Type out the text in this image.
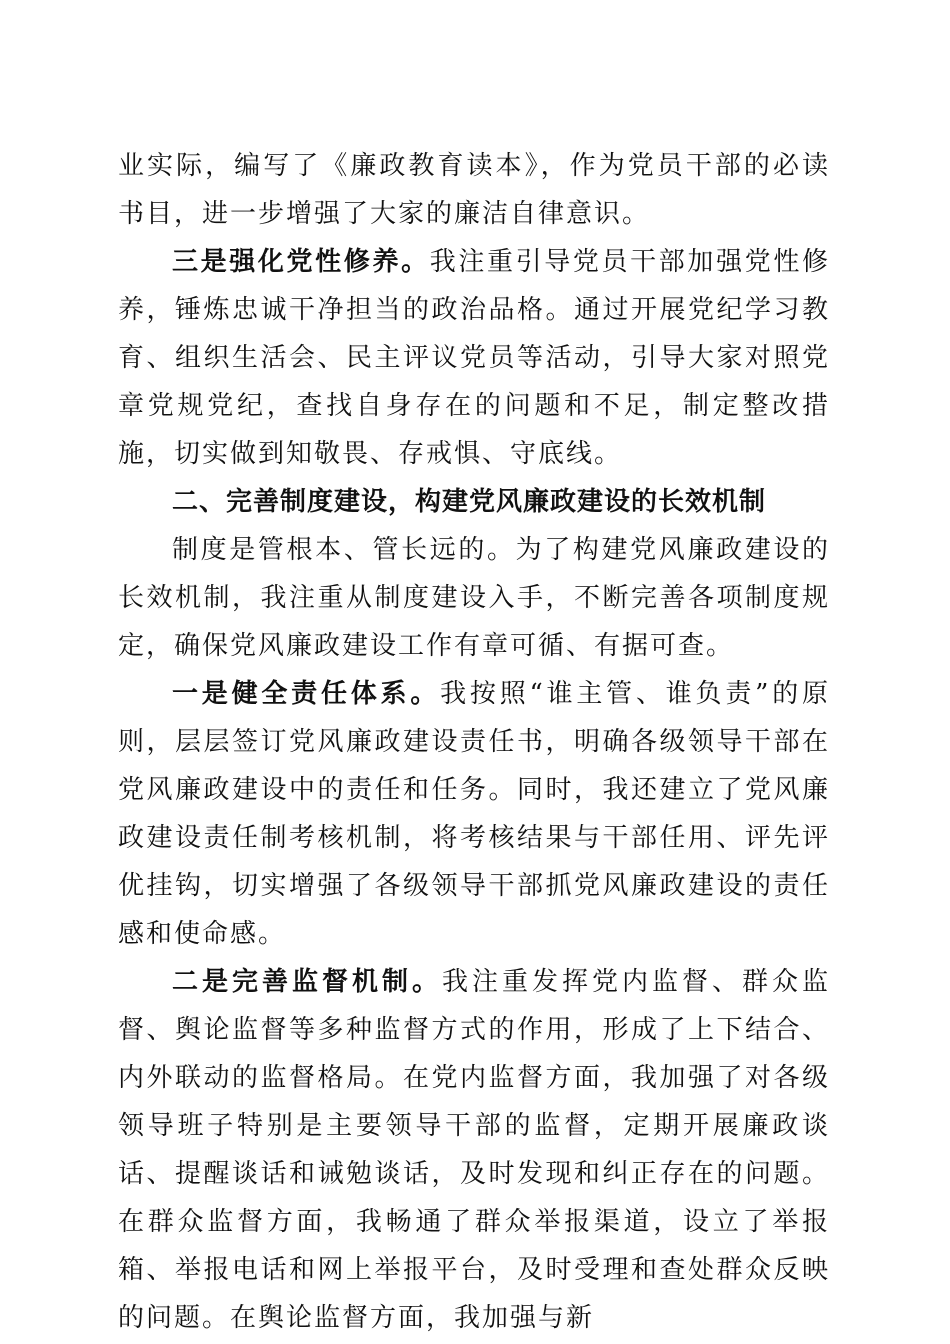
业实际，编写了《廉政教育读本》，作为党员干部的必读书目，进一步增强了大家的廉洁自律意识。

三是强化党性修养。我注重引导党员干部加强党性修养，锤炼忠诚干净担当的政治品格。通过开展党纪学习教育、组织生活会、民主评议党员等活动，引导大家对照党章党规党纪，查找自身存在的问题和不足，制定整改措施，切实做到知敬畏、存戒惧、守底线。

二、完善制度建设，构建党风廉政建设的长效机制

制度是管根本、管长远的。为了构建党风廉政建设的长效机制，我注重从制度建设入手，不断完善各项制度规定，确保党风廉政建设工作有章可循、有据可查。

一是健全责任体系。我按照“谁主管、谁负责”的原则，层层签订党风廉政建设责任书，明确各级领导干部在党风廉政建设中的责任和任务。同时，我还建立了党风廉政建设责任制考核机制，将考核结果与干部任用、评先评优挂钩，切实增强了各级领导干部抓党风廉政建设的责任感和使命感。

二是完善监督机制。我注重发挥党内监督、群众监督、舆论监督等多种监督方式的作用，形成了上下结合、内外联动的监督格局。在党内监督方面，我加强了对各级领导班子特别是主要领导干部的监督，定期开展廉政谈话、提醒谈话和诫勉谈话，及时发现和纠正存在的问题。在群众监督方面，我畅通了群众举报渠道，设立了举报箱、举报电话和网上举报平台，及时受理和查处群众反映的问题。在舆论监督方面，我加强与新
